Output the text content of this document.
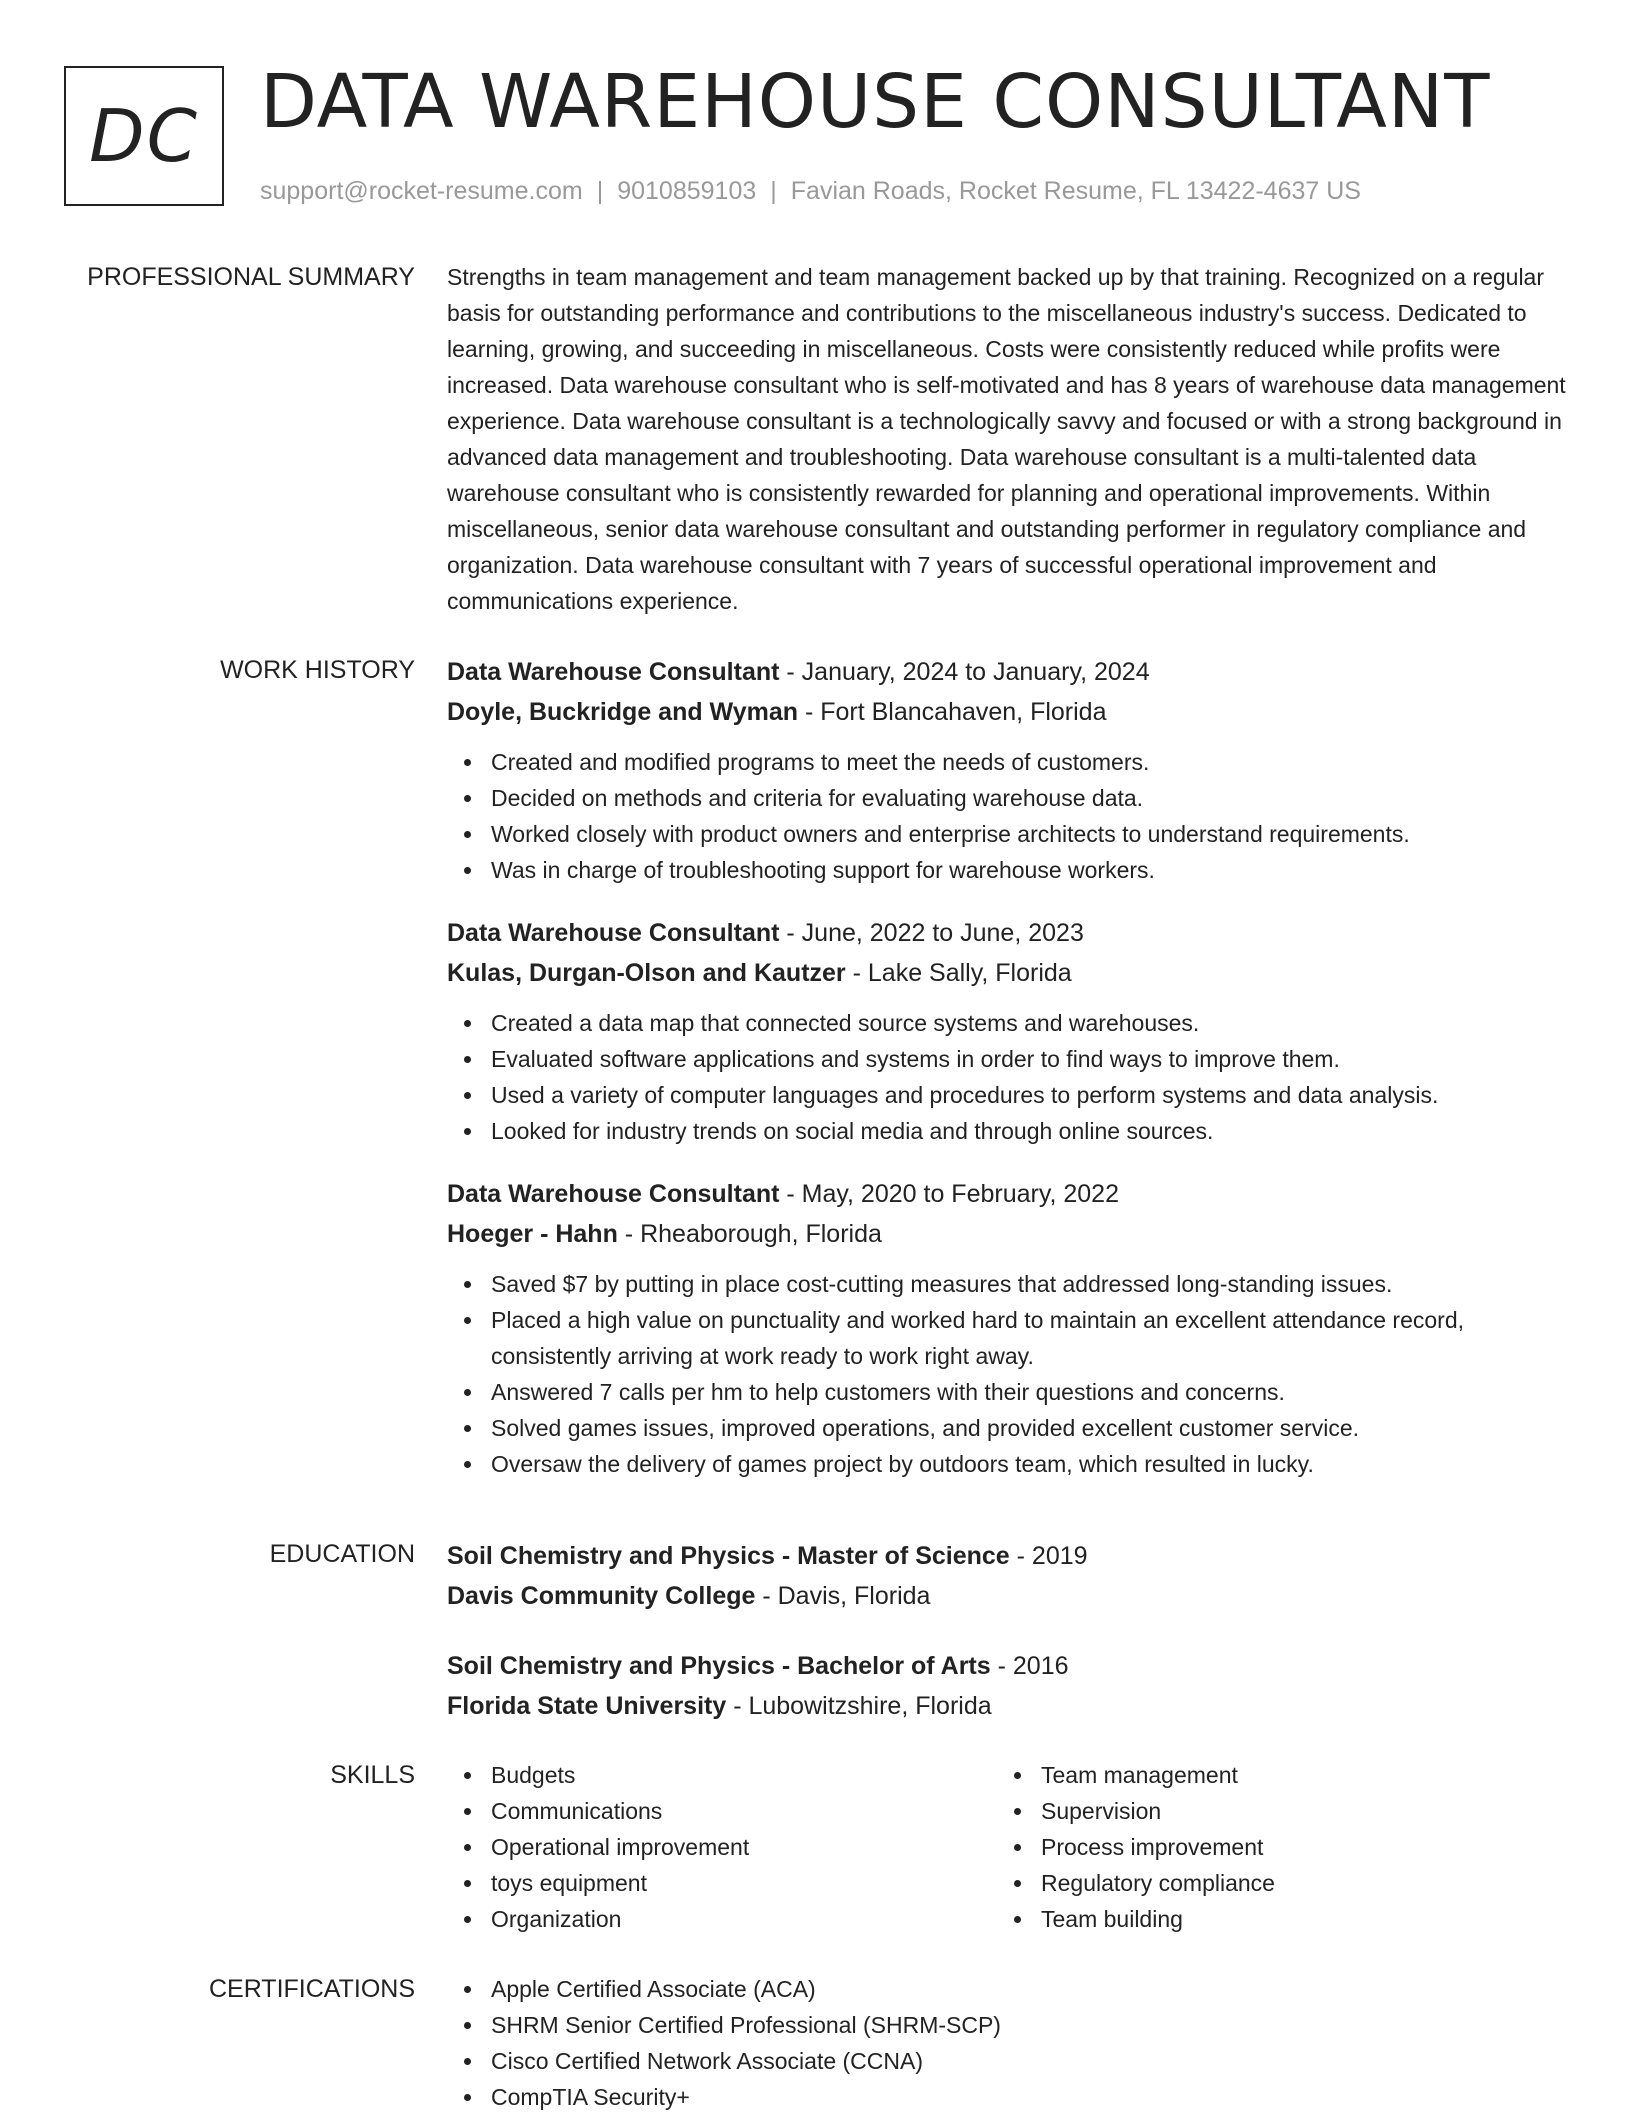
DC DATA WAREHOUSE CONSULTANT
support@rocket-resume.com | 9010859103 | Favian Roads, Rocket Resume, FL 13422-4637 US
PROFESSIONAL SUMMARY Strengths in team management and team management backed up by that training. Recognized on a regular basis for outstanding performance and contributions to the miscellaneous industry's success. Dedicated to learning, growing, and succeeding in miscellaneous. Costs were consistently reduced while profits were increased. Data warehouse consultant who is self-motivated and has 8 years of warehouse data management experience. Data warehouse consultant is a technologically savvy and focused or with a strong background in advanced data management and troubleshooting. Data warehouse consultant is a multi-talented data warehouse consultant who is consistently rewarded for planning and operational improvements. Within miscellaneous, senior data warehouse consultant and outstanding performer in regulatory compliance and organization. Data warehouse consultant with 7 years of successful operational improvement and communications experience.

WORK HISTORY Data Warehouse Consultant - January, 2024 to January, 2024

Doyle, Buckridge and Wyman - Fort Blancahaven, Florida

Created and modified programs to meet the needs of customers.
Decided on methods and criteria for evaluating warehouse data.
Worked closely with product owners and enterprise architects to understand requirements.
Was in charge of troubleshooting support for warehouse workers.

Data Warehouse Consultant - June, 2022 to June, 2023

Kulas, Durgan-Olson and Kautzer - Lake Sally, Florida

Created a data map that connected source systems and warehouses.
Evaluated software applications and systems in order to find ways to improve them.
Used a variety of computer languages and procedures to perform systems and data analysis.
Looked for industry trends on social media and through online sources.

Data Warehouse Consultant - May, 2020 to February, 2022

Hoeger - Hahn - Rheaborough, Florida

Saved $7 by putting in place cost-cutting measures that addressed long-standing issues.
Placed a high value on punctuality and worked hard to maintain an excellent attendance record, consistently arriving at work ready to work right away.
Answered 7 calls per hm to help customers with their questions and concerns.
Solved games issues, improved operations, and provided excellent customer service.
Oversaw the delivery of games project by outdoors team, which resulted in lucky.
EDUCATION Soil Chemistry and Physics - Master of Science - 2019

Davis Community College - Davis, Florida

Soil Chemistry and Physics - Bachelor of Arts - 2016

Florida State University - Lubowitzshire, Florida

SKILLS	Budgets
Communications
Operational improvement
toys equipment
Organization
Team management
Supervision
Process improvement
Regulatory compliance
Team building
CERTIFICATIONS	Apple Certified Associate (ACA)
SHRM Senior Certified Professional (SHRM-SCP)
Cisco Certified Network Associate (CCNA)
CompTIA Security+
